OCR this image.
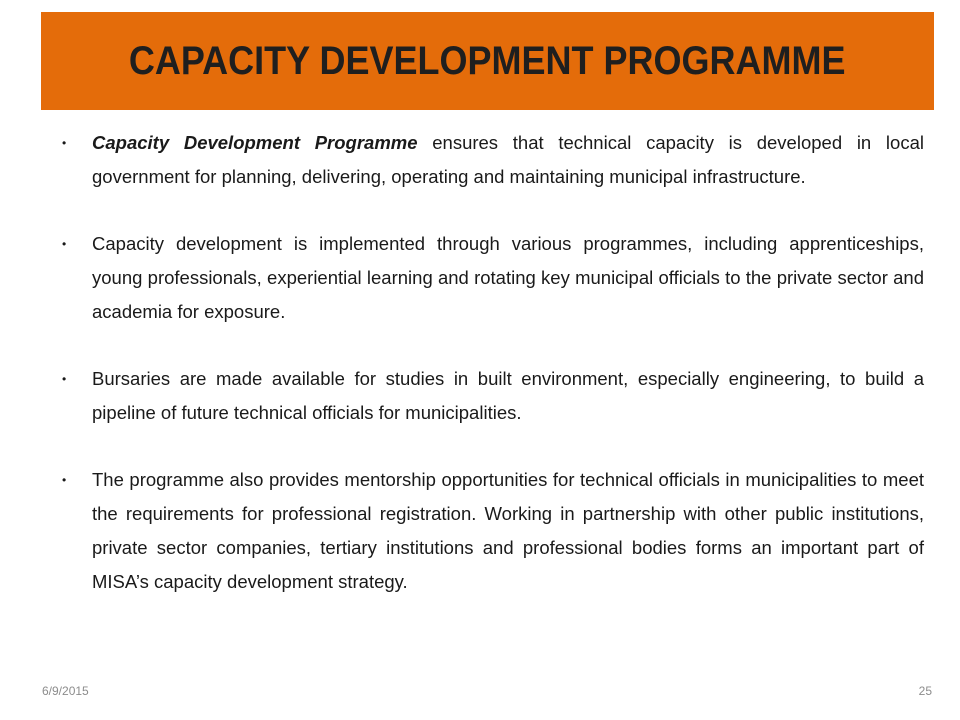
CAPACITY DEVELOPMENT PROGRAMME
• Capacity Development Programme ensures that technical capacity is developed in local government for planning, delivering, operating and maintaining municipal infrastructure.
• Capacity development is implemented through various programmes, including apprenticeships, young professionals, experiential learning and rotating key municipal officials to the private sector and academia for exposure.
• Bursaries are made available for studies in built environment, especially engineering, to build a pipeline of future technical officials for municipalities.
• The programme also provides mentorship opportunities for technical officials in municipalities to meet the requirements for professional registration. Working in partnership with other public institutions, private sector companies, tertiary institutions and professional bodies forms an important part of MISA’s capacity development strategy.
6/9/2015	25
